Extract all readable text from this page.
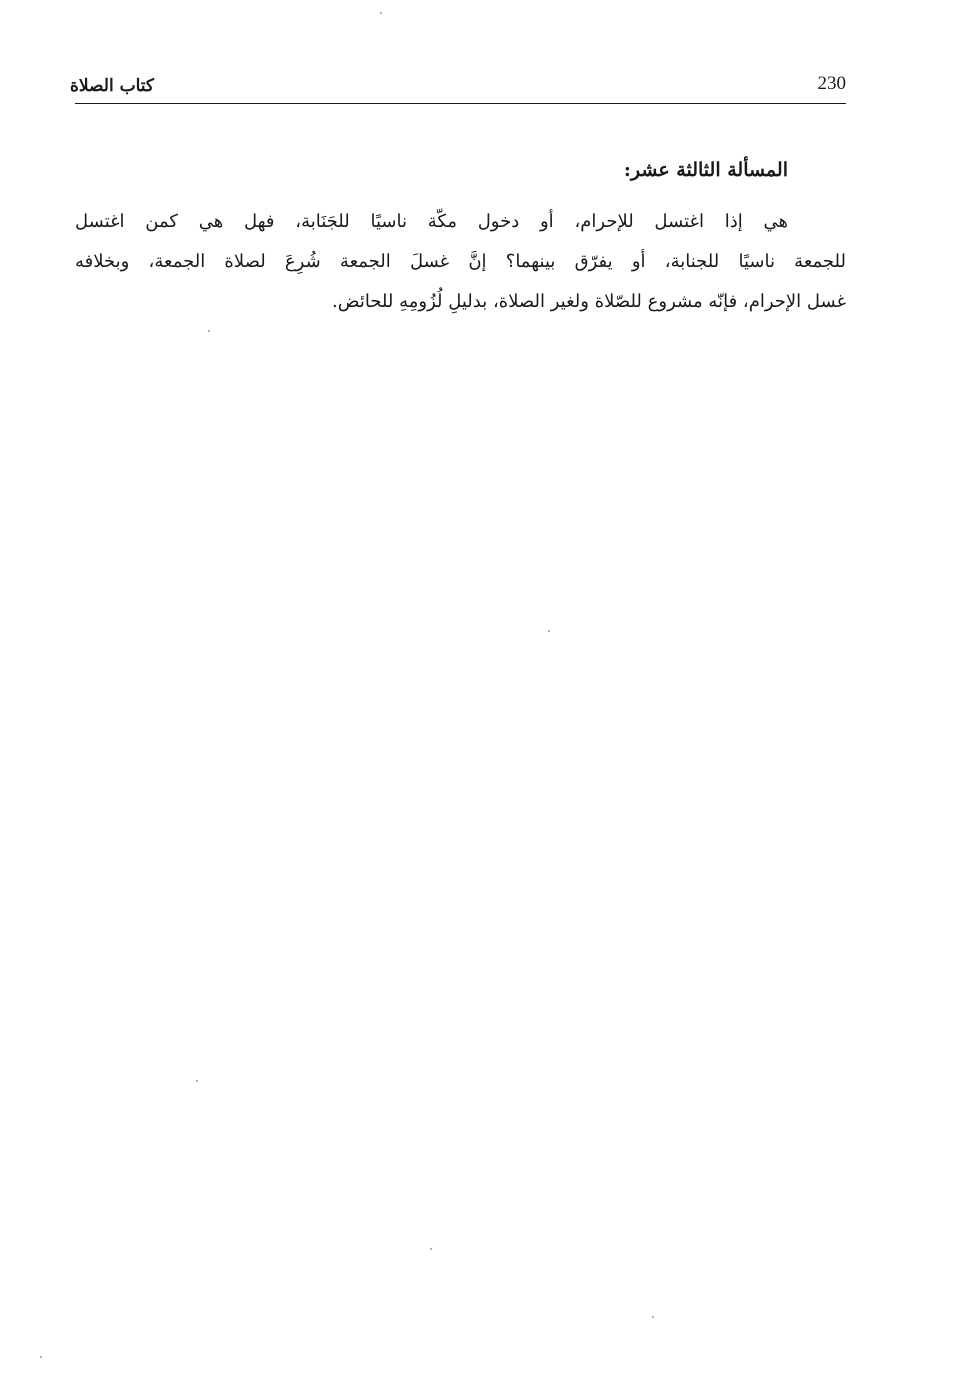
كتاب الصلاة	230
المسألة الثالثة عشر:
هي إذا اغتسل للإحرام، أو دخول مكّة ناسيًا للجَنَابة، فهل هي كمن اغتسل
للجمعة ناسيًا للجنابة، أو يفرّق بينهما؟ إنَّ غسلَ الجمعة شُرِعَ لصلاة الجمعة، وبخلافه
غسل الإحرام، فإنّه مشروع للصّلاة ولغير الصلاة، بدليلِ لُزُومِهِ للحائض.
